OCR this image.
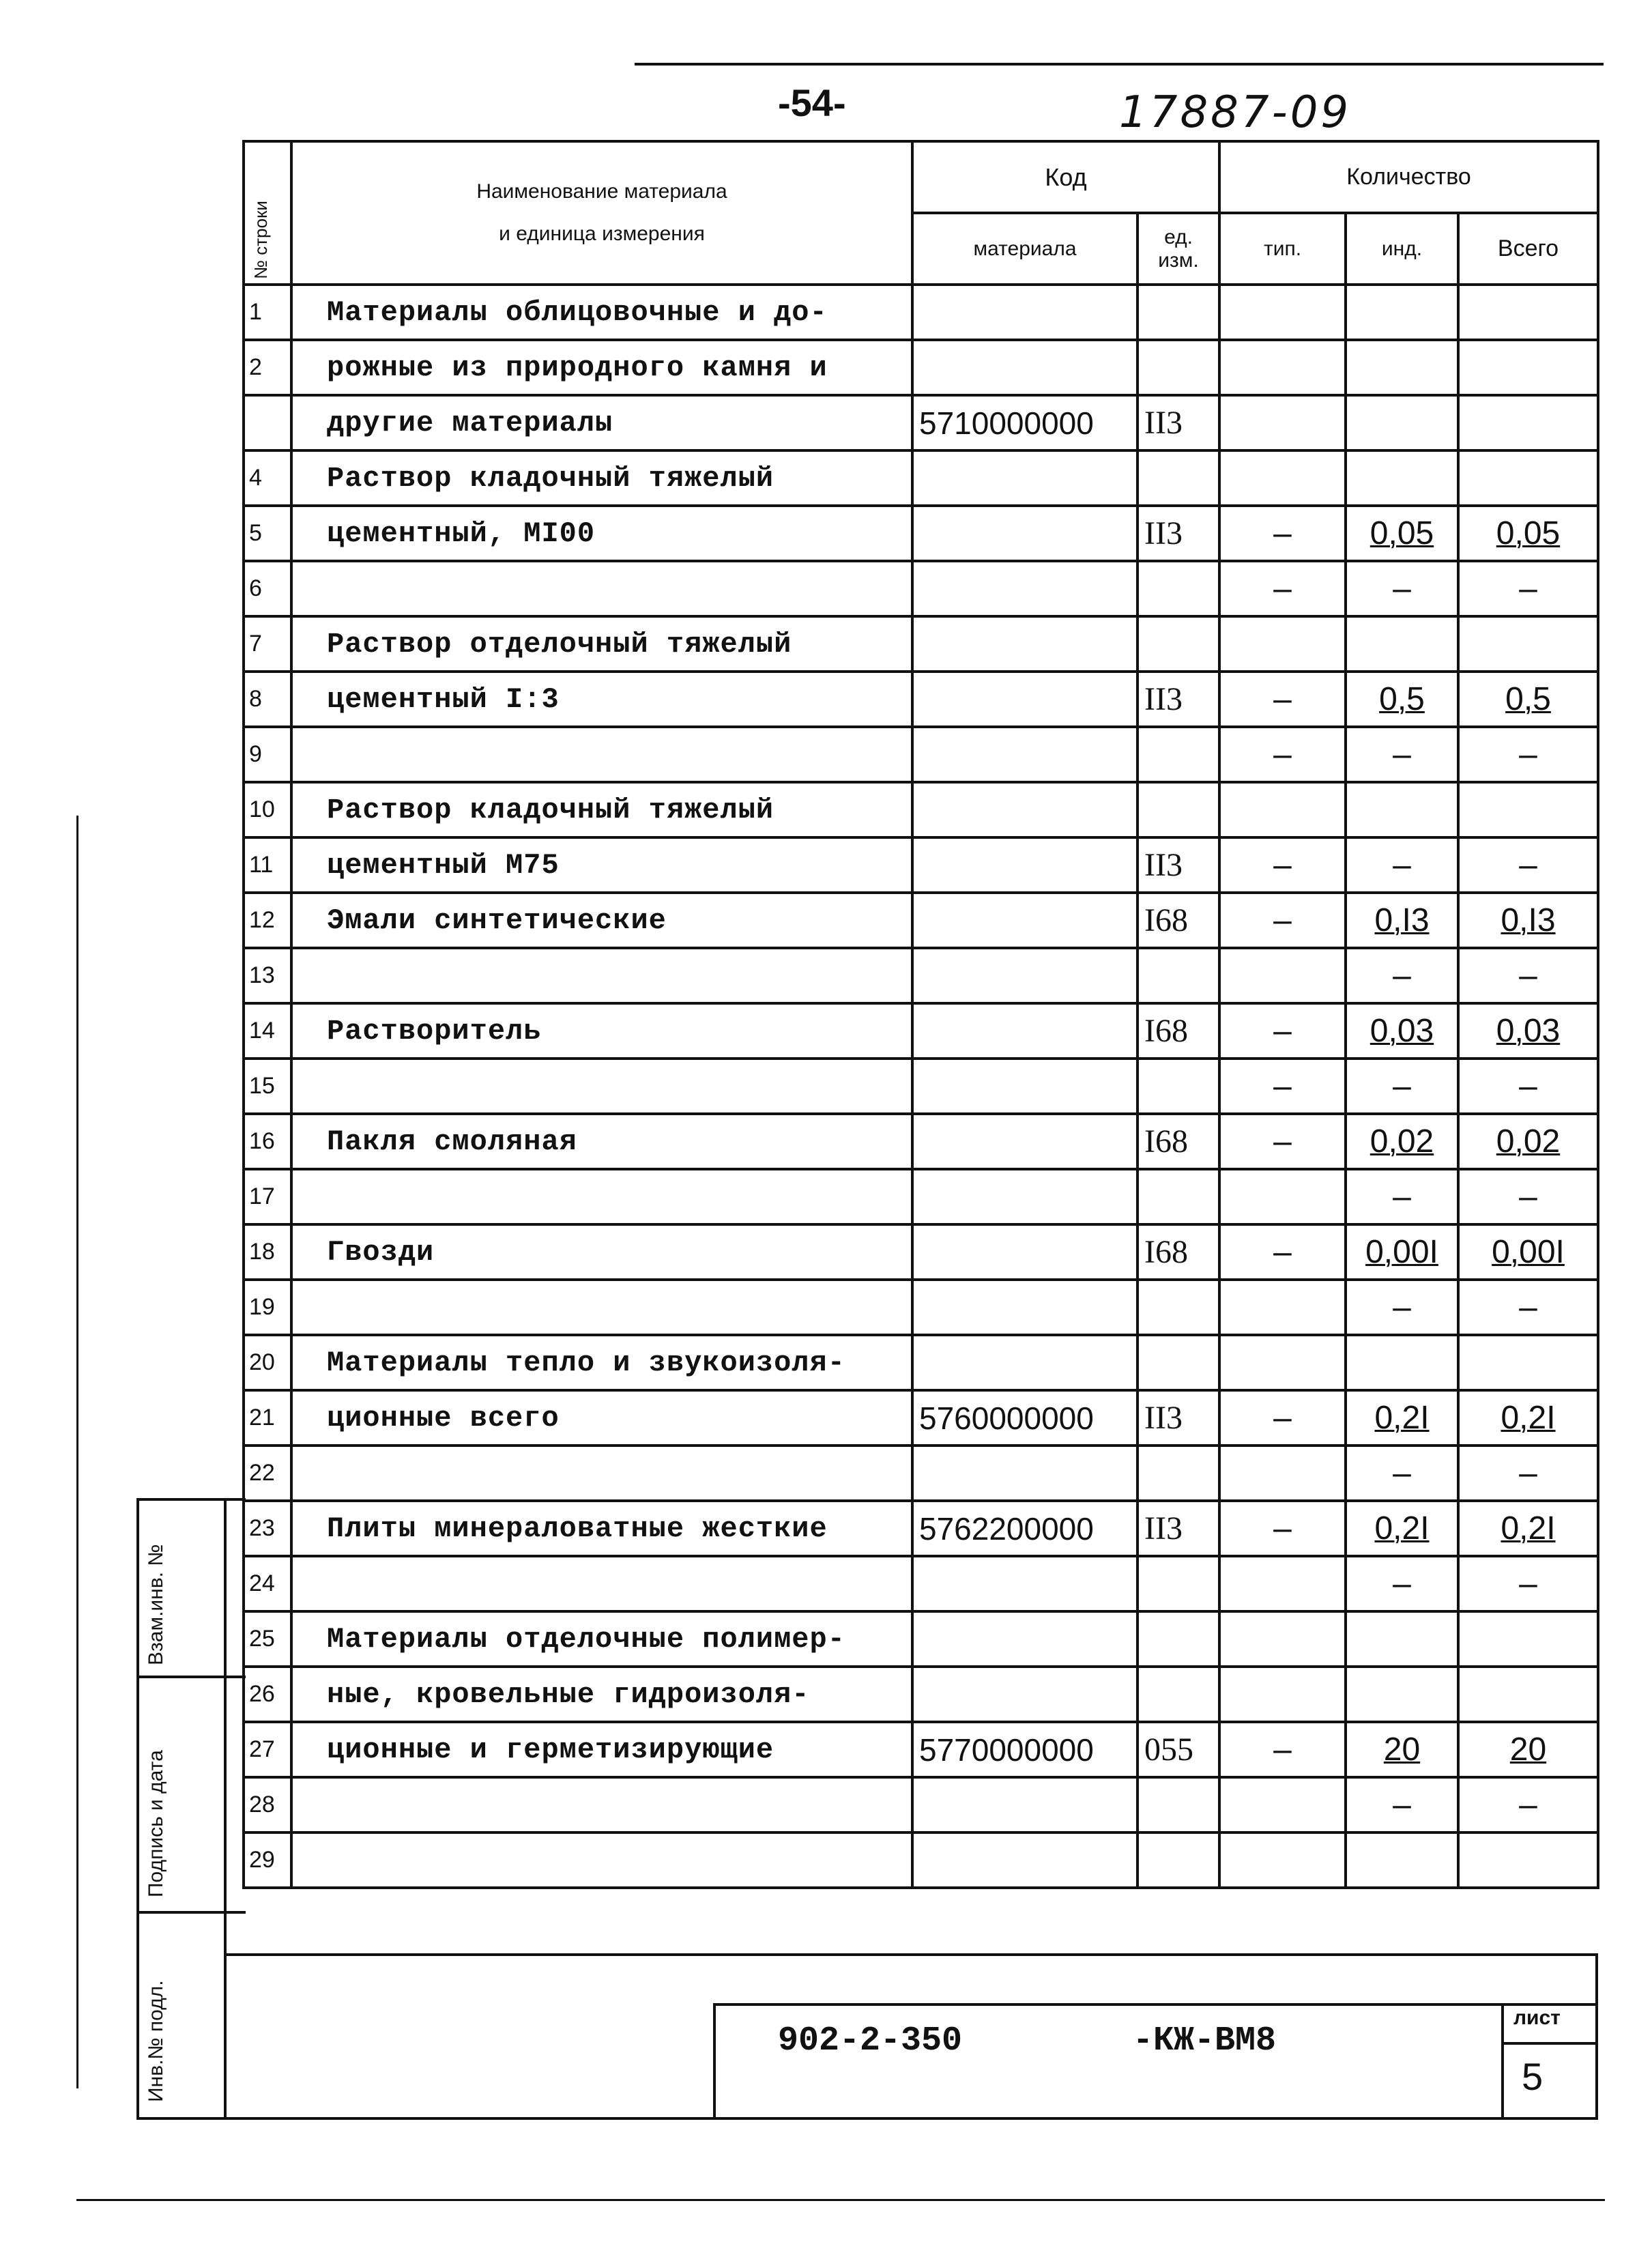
-54-	17887-09
№ строки	Наименование материала
и единица измерения	Код		Количество		
		материала	ед. изм.	тип.	инд.	Всего
1	Материалы облицовочные и до-					
2	рожные из природного камня и					
	другие материалы	5710000000	II3			
4	Раствор кладочный тяжелый					
5	цементный, МI00		II3	–	0,05	0,05
6				–	–	–
7	Раствор отделочный тяжелый					
8	цементный I:3		II3	–	0,5	0,5
9				–	–	–
10	Раствор кладочный тяжелый					
11	цементный М75		II3	–	–	–
12	Эмали синтетические		I68	–	0,I3	0,I3
13					–	–
14	Растворитель		I68	–	0,03	0,03
15				–	–	–
16	Пакля смоляная		I68	–	0,02	0,02
17					–	–
18	Гвозди		I68	–	0,00I	0,00I
19					–	–
20	Материалы тепло и звукоизоля-					
21	ционные всего	5760000000	II3	–	0,2I	0,2I
22					–	–
23	Плиты минераловатные жесткие	5762200000	II3	–	0,2I	0,2I
24					–	–
25	Материалы отделочные полимер-					
26	ные, кровельные гидроизоля-					
27	ционные и герметизирующие	5770000000	055	–	20	20
28					–	–
29						
Взам.инв. №
Подпись и дата
Инв.№ подл.	902-2-350	-КЖ-ВМ8
лист
5
